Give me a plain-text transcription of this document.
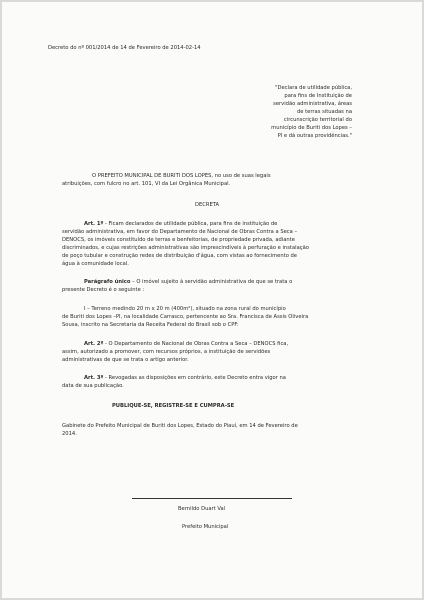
Decreto do nº 001/2014 de 14 de Fevereiro de 2014-02-14

"Declara de utilidade pública,

para fins de Instituição de

servidão administrativa, áreas

de terras situadas na

circunscrição territorial do

município de Buriti dos Lopes –

PI e dá outras providências."

O PREFEITO MUNICIPAL DE BURITI DOS LOPES, no uso de suas legais

atribuições, com fulcro no art. 101, VI da Lei Orgânica Municipal.

DECRETA

Art. 1º - Ficam declarados de utilidade pública, para fins de instituição de

servidão administrativa, em favor do Departamento de Nacional de Obras Contra a Seca –

DENOCS, os imóveis constituído de terras e benfeitorias, de propriedade privada, adiante

discriminados, e cujas restrições administrativas são imprescindíveis à perfuração e instalação

de poço tubular e construção redes de distribuição d'água, com vistas ao fornecimento de

água à comunidade local.

Parágrafo único – O imóvel sujeito à servidão administrativa de que se trata o

presente Decreto é o seguinte :

I – Terreno medindo 20 m x 20 m (400m²), situado na zona rural do município

de Buriti dos Lopes –PI, na localidade Carrasco, pertencente ao Sra. Francisca de Assis Oliveira

Sousa, inscrito na Secretaria da Receita Federal do Brasil sob o CPF:

Art. 2º - O Departamento de Nacional de Obras Contra a Seca – DENOCS fica,

assim, autorizado a promover, com recursos próprios, a instituição de servidões

administrativas de que se trata o artigo anterior.

Art. 3º - Revogadas as disposições em contrário, este Decreto entra vigor na

data de sua publicação.

PUBLIQUE-SE, REGISTRE-SE E CUMPRA-SE

Gabinete do Prefeito Municipal de Buriti dos Lopes, Estado do Piauí, em 14 de Fevereiro de

2014.

Bernildo Duart Val

Prefeito Municipal
